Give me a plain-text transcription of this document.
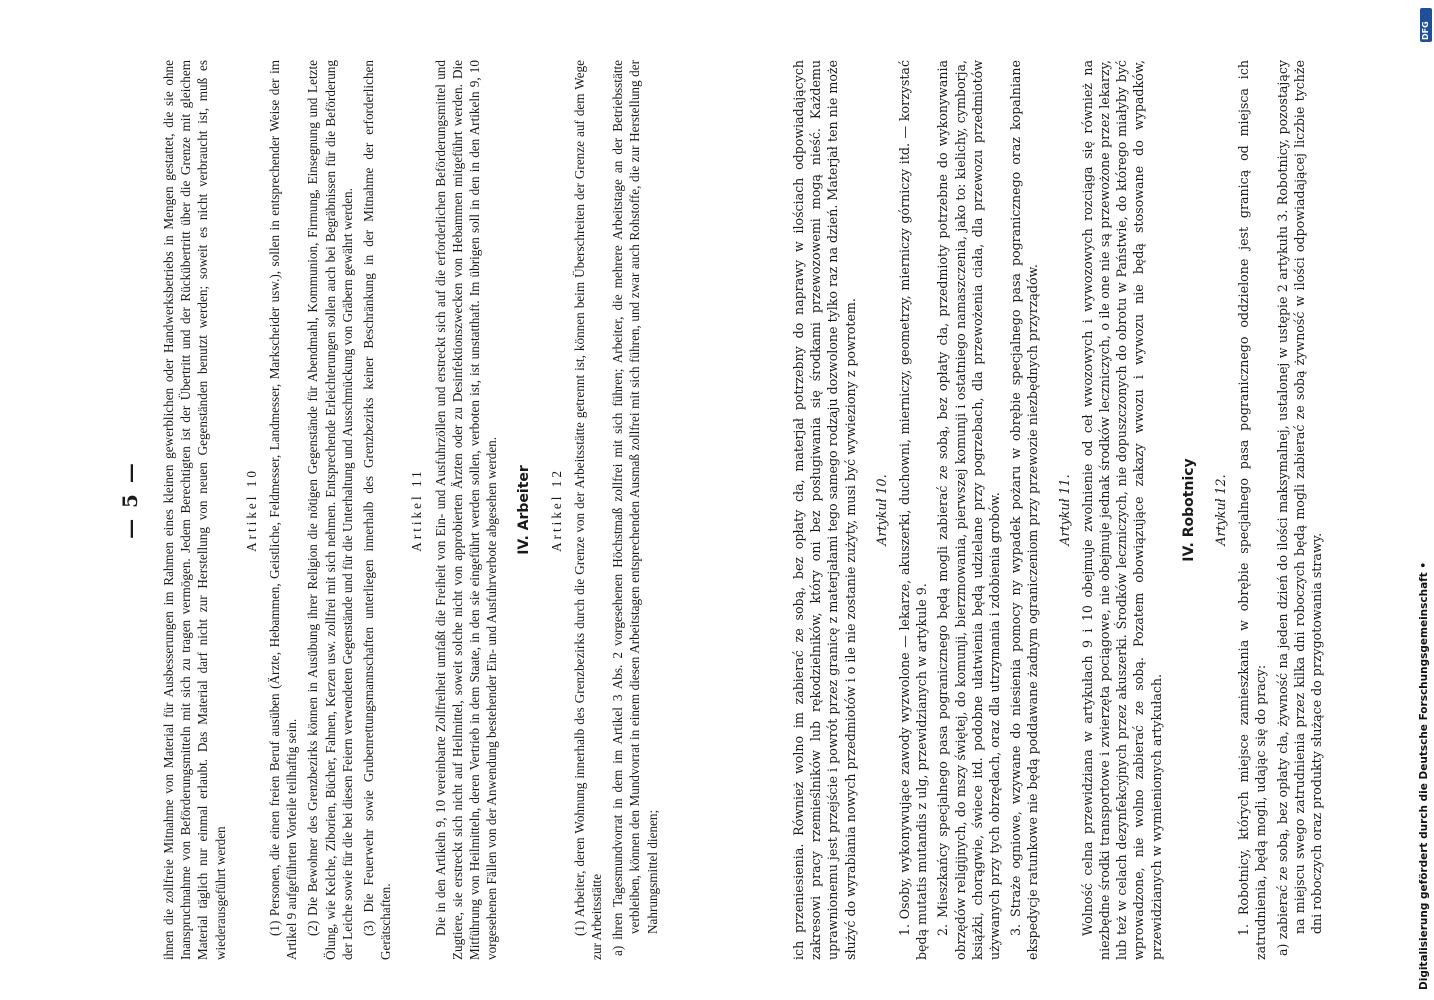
— 5 — ihnen die zollfreie Mitnahme von Material für Ausbesserungen im Rahmen eines kleinen gewerblichen oder Handwerksbetriebs in Mengen gestattet, die sie ohne Inanspruchnahme von Beförderungsmitteln mit sich zu tragen vermögen. Jedem Berechtigten ist der Übertritt und der Rückübertritt über die Grenze mit gleichem Material täglich nur einmal erlaubt. Das Material darf nicht zur Herstellung von neuen Gegenständen benutzt werden; soweit es nicht verbraucht ist, muß es wiederausgeführt werden

Artikel 10 (1) Personen, die einen freien Beruf ausüben (Ärzte, Hebammen, Geistliche, Feldmesser, Landmesser, Markscheider usw.), sollen in entsprechender Weise der im Artikel 9 aufgeführten Vorteile teilhaftig sein. (2) Die Bewohner des Grenzbezirks können in Ausübung ihrer Religion die nötigen Gegenstände für Abendmahl, Kommunion, Firmung, Einsegnung und Letzte Ölung, wie Kelche, Ziborien, Bücher, Fahnen, Kerzen usw. zollfrei mit sich nehmen. Entsprechende Erleichterungen sollen auch bei Begräbnissen für die Beförderung der Leiche sowie für die bei diesen Feiern verwendeten Gegenstände und für die Unterhaltung und Ausschmückung von Gräbern gewährt werden. (3) Die Feuerwehr sowie Grubenrettungsmannschaften unterliegen innerhalb des Grenzbezirks keiner Beschränkung in der Mitnahme der erforderlichen Gerätschaften.

Artikel 11 Die in den Artikeln 9, 10 vereinbarte Zollfreiheit umfaßt die Freiheit von Ein- und Ausfuhrzöllen und erstreckt sich auf die erforderlichen Beförderungsmittel und Zugtiere, sie erstreckt sich nicht auf Heilmittel, soweit solche nicht von approbierten Ärzten oder zu Desinfektionszwecken von Hebammen mitgeführt werden. Die Mitführung von Heilmitteln, deren Vertrieb in dem Staate, in den sie eingeführt werden sollen, verboten ist, ist unstatthaft. Im übrigen soll in den in den Artikeln 9, 10 vorgesehenen Fällen von der Anwendung bestehender Ein- und Ausfuhrverbote abgesehen werden. IV. Arbeiter Artikel 12 (1) Arbeiter, deren Wohnung innerhalb des Grenzbezirks durch die Grenze von der Arbeitsstätte getrennt ist, können beim Überschreiten der Grenze auf dem Wege zur Arbeitsstätte a) ihren Tagesmundvorrat in dem im Artikel 3 Abs. 2 vorgesehenen Höchstmaß zollfrei mit sich führen; Arbeiter, die mehrere Arbeitstage an der Betriebsstätte verbleiben, können den Mundvorrat in einem diesen Arbeitstagen entsprechenden Ausmaß zollfrei mit sich führen, und zwar auch Rohstoffe, die zur Herstellung der Nahrungsmittel dienen;	ich przeniesienia. Również wolno im zabierać ze sobą, bez opłaty cła, materjał potrzebny do naprawy w ilościach odpowiadających zakresowi pracy rzemieślników lub rękodzielników, który oni bez posługiwania się środkami przewozowemi mogą nieść. Każdemu uprawnionemu jest przejście i powrót przez granicę z materjałami tego samego rodzaju dozwolone tylko raz na dzień. Materjał ten nie może służyć do wyrabiania nowych przedmiotów i o ile nie zostanie zużyty, musi być wywieziony z powrotem. Artykuł 10. 1. Osoby, wykonywujące zawody wyzwolone — lekarze, akuszerki, duchowni, mierniczy, geometrzy, mierniczy górniczy itd. — korzystać będą mutatis mutandis z ulg, przewidzianych w artykule 9. 2. Mieszkańcy specjalnego pasa pogranicznego będą mogli zabierać ze sobą, bez opłaty cła, przedmioty potrzebne do wykonywania obrzędów religijnych, do mszy świętej, do komunji, bierzmowania, pierwszej komunji i ostatniego namaszczenia, jako to: kielichy, cymborja, książki, chorągwie, świece itd. podobne ułatwienia będą udzielane przy pogrzebach, dla przewożenia ciała, dla przewozu przedmiotów używanych przy tych obrzędach, oraz dla utrzymania i zdobienia grobów. 3. Straże ogniowe, wzywane do niesienia pomocy ny wypadek pożaru w obrębie specjalnego pasa pogranicznego oraz kopalniane ekspedycje ratunkowe nie będą poddawane żadnym ograniczeniom przy przewozie niezbędnych przyrządów. Artykuł 11. Wolność celna przewidziana w artykułach 9 i 10 obejmuje zwolnienie od ceł wwozowych i wywozowych rozciąga się również na niezbędne środki transportowe i zwierzęta pociągowe, nie obejmuje jednak środków leczniczych, o ile one nie są przewożone przez lekarzy, lub też w celach dezynfekcyjnych przez akuszerki. Środków leczniczych, nie dopuszczonych do obrotu w Państwie, do którego miałyby być wprowadzone, nie wolno zabierać ze sobą. Pozatem obowiązujące zakazy wwozu i wywozu nie będą stosowane do wypadków, przewidzianych w wymienionych artykułach.

IV. Robotnicy Artykuł 12. 1. Robotnicy, których miejsce zamieszkania w obrębie specjalnego pasa pogranicznego oddzielone jest granicą od miejsca ich zatrudnienia, będą mogli, udając się do pracy: a) zabierać ze sobą, bez opłaty cła, żywność na jeden dzień do ilości maksymalnej, ustalonej w ustępie 2 artykułu 3. Robotnicy, pozostający na miejscu swego zatrudnienia przez kilka dni roboczych będą mogli zabierać ze sobą żywność w ilości odpowiadającej liczbie tychże dni roboczych oraz produkty służące do przygotowania strawy.

DFG
Digitalisierung gefördert durch die Deutsche Forschungsgemeinschaft •
